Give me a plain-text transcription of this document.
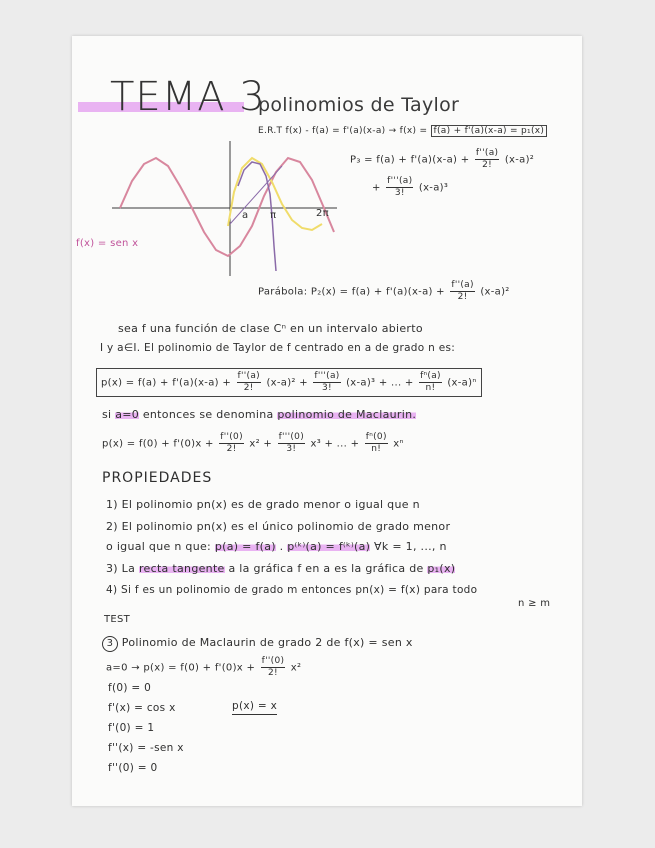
TEMA 3
polinomios de Taylor
a π	2π
f(x) = sen x
E.R.T f(x) - f(a) = f'(a)(x-a) → f(x) = f(a) + f'(a)(x-a) = p₁(x)
$P_3 = f(a) + f'(a)(x-a) + \frac{f''(a)}{2!} (x-a)^2$
+ $\frac{f'''(a)}{3!} (x-a)^3$
Parábola: $P_2(x) = f(a) + f'(a)(x-a) + \frac{f''(a)}{2!} (x-a)^2$
sea f una función de clase Cⁿ en un intervalo abierto
I y a∈I. El polinomio de Taylor de f centrado en a de grado n es:
$p(x) = f(a) + f'(a)(x-a) + \frac{f''(a)}{2!} (x-a)^2 + \frac{f'''(a)}{3!} (x-a)^3$ + ... + $\frac{\text{fⁿ(a)}}{n!} (x-a)^n$
si a=0 entonces se denomina polinomio de Maclaurin.
$p(x) = f(0) + f'(0)x + \frac{f''(0)}{2!} x^2 + \frac{f'''(0)}{3!} x^3$ + ... + $\frac{\text{fⁿ(0)}}{n!}$ xⁿ
PROPIEDADES
1) El polinomio pn(x) es de grado menor o igual que n
2) El polinomio pn(x) es el único polinomio de grado menor
o igual que n que: p(a) = f(a) . p⁽ᵏ⁾(a) = f⁽ᵏ⁾(a) ∀k = 1, ..., n
3) La recta tangente a la gráfica f en a es la gráfica de p₁(x)
4) Si f es un polinomio de grado m entonces pn(x) = f(x) para todo
n ≥ m
TEST
3 Polinomio de Maclaurin de grado 2 de f(x) = sen x
$a=0 \to p(x) = f(0) + f'(0)x + \frac{f''(0)}{2!} x^2$
f(0) = 0
f'(x) = cos x
f'(0) = 1
f''(x) = -sen x
f''(0) = 0
p(x) = x
